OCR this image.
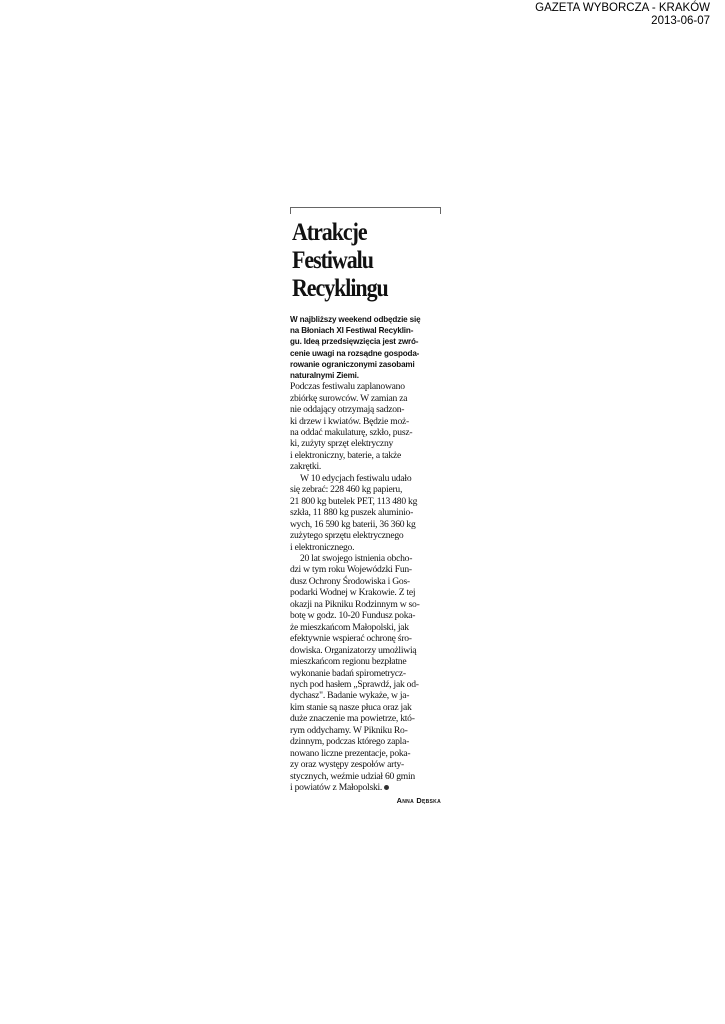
GAZETA WYBORCZA - KRAKÓW
2013-06-07
Atrakcje
Festiwalu
Recyklingu
W najbliższy weekend odbędzie się
na Błoniach XI Festiwal Recyklin-
gu. Ideą przedsięwzięcia jest zwró-
cenie uwagi na rozsądne gospoda-
rowanie ograniczonymi zasobami
naturalnymi Ziemi.
Podczas festiwalu zaplanowano
zbiórkę surowców. W zamian za
nie oddający otrzymają sadzon-
ki drzew i kwiatów. Będzie moż-
na oddać makulaturę, szkło, pusz-
ki, zużyty sprzęt elektryczny
i elektroniczny, baterie, a także
zakrętki.
W 10 edycjach festiwalu udało
się zebrać: 228 460 kg papieru,
21 800 kg butelek PET, 113 480 kg
szkła, 11 880 kg puszek aluminio-
wych, 16 590 kg baterii, 36 360 kg
zużytego sprzętu elektrycznego
i elektronicznego.
20 lat swojego istnienia obcho-
dzi w tym roku Wojewódzki Fun-
dusz Ochrony Środowiska i Gos-
podarki Wodnej w Krakowie. Z tej
okazji na Pikniku Rodzinnym w so-
botę w godz. 10-20 Fundusz poka-
że mieszkańcom Małopolski, jak
efektywnie wspierać ochronę śro-
dowiska. Organizatorzy umożliwią
mieszkańcom regionu bezpłatne
wykonanie badań spirometrycz-
nych pod hasłem „Sprawdź, jak od-
dychasz". Badanie wykaże, w ja-
kim stanie są nasze płuca oraz jak
duże znaczenie ma powietrze, któ-
rym oddychamy. W Pikniku Ro-
dzinnym, podczas którego zapla-
nowano liczne prezentacje, poka-
zy oraz występy zespołów arty-
stycznych, weźmie udział 60 gmin
i powiatów z Małopolski.
Anna Dębska
